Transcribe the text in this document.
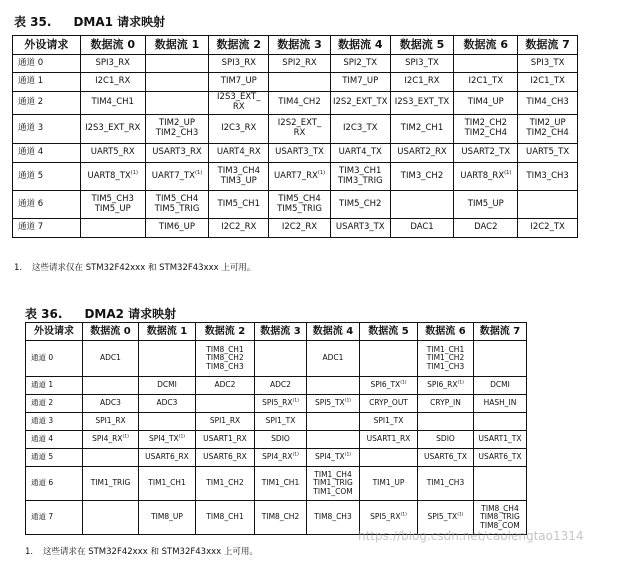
表 35. DMA1 请求映射
外设请求	数据流 0	数据流 1	数据流 2	数据流 3	数据流 4	数据流 5	数据流 6	数据流 7
通道 0	SPI3_RX		SPI3_RX	SPI2_RX	SPI2_TX	SPI3_TX		SPI3_TX

通道 1	I2C1_RX		TIM7_UP		TIM7_UP	I2C1_RX	I2C1_TX	I2C1_TX

通道 2	TIM4_CH1		I2S3_EXT_
RX	TIM4_CH2	I2S2_EXT_TX	I2S3_EXT_TX	TIM4_UP	TIM4_CH3

通道 3	I2S3_EXT_RX	TIM2_UP
TIM2_CH3	I2C3_RX	I2S2_EXT_
RX	I2C3_TX	TIM2_CH1	TIM2_CH2
TIM2_CH4	TIM2_UP
TIM2_CH4

通道 4	UART5_RX	USART3_RX	UART4_RX	USART3_TX	UART4_TX	USART2_RX	USART2_TX	UART5_TX

通道 5	UART8_TX$^{(1)}$	UART7_TX$^{(1)}$	TIM3_CH4
TIM3_UP	UART7_RX$^{(1)}$	TIM3_CH1
TIM3_TRIG	TIM3_CH2	UART8_RX$^{(1)}$	TIM3_CH3

通道 6	TIM5_CH3
TIM5_UP	TIM5_CH4
TIM5_TRIG	TIM5_CH1	TIM5_CH4
TIM5_TRIG	TIM5_CH2		TIM5_UP	

通道 7		TIM6_UP	I2C2_RX	I2C2_RX	USART3_TX	DAC1	DAC2	I2C2_TX
1. 这些请求仅在 STM32F42xxx 和 STM32F43xxx 上可用。
表 36. DMA2 请求映射
外设请求	数据流 0	数据流 1	数据流 2	数据流 3	数据流 4	数据流 5	数据流 6	数据流 7
通道 0	ADC1		TIM8_CH1
TIM8_CH2
TIM8_CH3		ADC1		TIM1_CH1
TIM1_CH2
TIM1_CH3	

通道 1		DCMI	ADC2	ADC2		SPI6_TX$^{(1)}$	SPI6_RX$^{(1)}$	DCMI

通道 2	ADC3	ADC3		SPI5_RX$^{(1)}$	SPI5_TX$^{(1)}$	CRYP_OUT	CRYP_IN	HASH_IN

通道 3	SPI1_RX		SPI1_RX	SPI1_TX		SPI1_TX		

通道 4	SPI4_RX$^{(1)}$	SPI4_TX$^{(1)}$	USART1_RX	SDIO		USART1_RX	SDIO	USART1_TX

通道 5		USART6_RX	USART6_RX	SPI4_RX$^{(1)}$	SPI4_TX$^{(1)}$		USART6_TX	USART6_TX

通道 6	TIM1_TRIG	TIM1_CH1	TIM1_CH2	TIM1_CH1	TIM1_CH4
TIM1_TRIG
TIM1_COM	TIM1_UP	TIM1_CH3	

通道 7		TIM8_UP	TIM8_CH1	TIM8_CH2	TIM8_CH3	SPI5_RX$^{(1)}$	SPI5_TX$^{(1)}$	TIM8_CH4
TIM8_TRIG
TIM8_COM
1. 这些请求在 STM32F42xxx 和 STM32F43xxx 上可用。
https://blog.csdn.net/caolengtao1314
